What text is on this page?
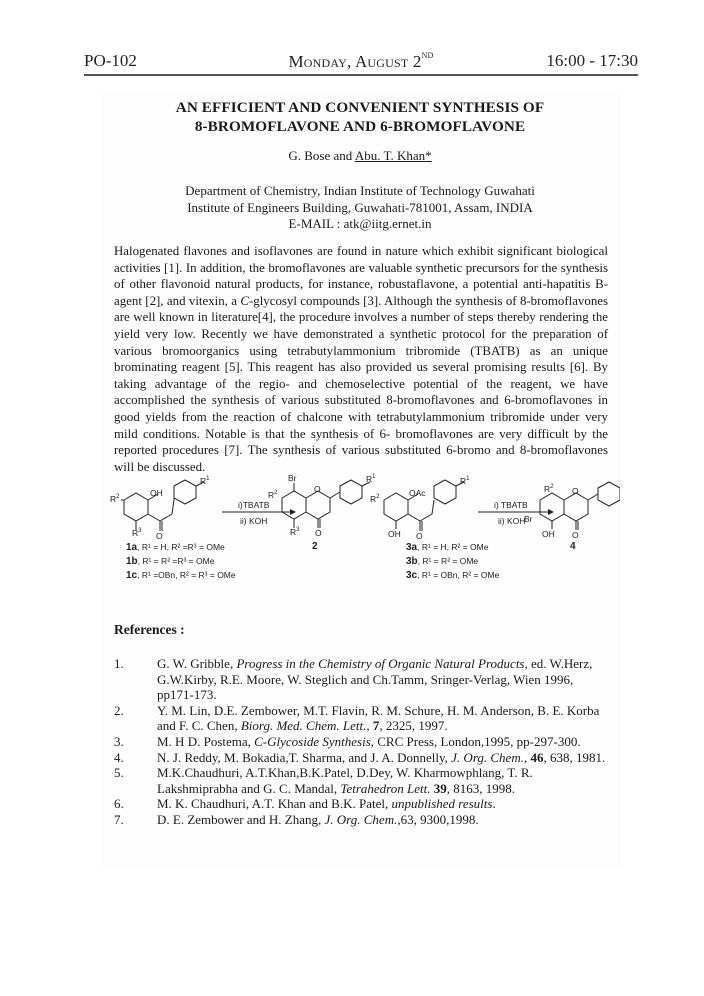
PO-102	Monday, August 2ND	16:00 - 17:30
AN EFFICIENT AND CONVENIENT SYNTHESIS OF
8-BROMOFLAVONE AND 6-BROMOFLAVONE
G. Bose and Abu. T. Khan*
Department of Chemistry, Indian Institute of Technology Guwahati
Institute of Engineers Building, Guwahati-781001, Assam, INDIA
E-MAIL : atk@iitg.ernet.in

Halogenated flavones and isoflavones are found in nature which exhibit significant biological activities [1]. In addition, the bromoflavones are valuable synthetic precursors for the synthesis of other flavonoid natural products, for instance, robustaflavone, a potential anti-hapatitis B-agent [2], and vitexin, a C-glycosyl compounds [3]. Although the synthesis of 8-bromoflavones are well known in literature[4], the procedure involves a number of steps thereby rendering the yield very low. Recently we have demonstrated a synthetic protocol for the preparation of various bromoorganics using tetrabutylammonium tribromide (TBATB) as an unique brominating reagent [5]. This reagent has also provided us several promising results [6]. By taking advantage of the regio- and chemoselective potential of the reagent, we have accomplished the synthesis of various substituted 8-bromoflavones and 6-bromoflavones in good yields from the reaction of chalcone with tetrabutylammonium tribromide under very mild conditions. Notable is that the synthesis of 6- bromoflavones are very difficult by the reported procedures [7]. The synthesis of various substituted 6-bromo and 8-bromoflavones will be discussed.

$R^2$	OH
$R^1$
$R^3$ O
i)TBATB
ii) KOH
Br
$R^2$	O
$R^1$
$R^3$ O
2
1a, R¹ = H, R² =R³ = OMe
1b, R¹ = R² =R³ = OMe
1c, R¹ =OBn, R² = R³ = OMe
$R^2$	OAc
$R^1$
OH O
i) TBATB
ii) KOH
$R^2$
Br
O
OH O
4
3a, R¹ = H, R² = OMe
3b, R¹ = R² = OMe
3c, R¹ = OBn, R² = OMe
References :
1.	G. W. Gribble, Progress in the Chemistry of Organic Natural Products, ed. W.Herz, G.W.Kirby, R.E. Moore, W. Steglich and Ch.Tamm, Sringer-Verlag, Wien 1996, pp171-173.
2.	Y. M. Lin, D.E. Zembower, M.T. Flavin, R. M. Schure, H. M. Anderson, B. E. Korba and F. C. Chen, Biorg. Med. Chem. Lett., 7, 2325, 1997.
3.	M. H D. Postema, C-Glycoside Synthesis, CRC Press, London,1995, pp-297-300.
4.	N. J. Reddy, M. Bokadia,T. Sharma, and J. A. Donnelly, J. Org. Chem., 46, 638, 1981.
5.	M.K.Chaudhuri, A.T.Khan,B.K.Patel, D.Dey, W. Kharmowphlang, T. R. Lakshmiprabha and G. C. Mandal, Tetrahedron Lett. 39, 8163, 1998.
6.	M. K. Chaudhuri, A.T. Khan and B.K. Patel, unpublished results.
7.	D. E. Zembower and H. Zhang, J. Org. Chem.,63, 9300,1998.
